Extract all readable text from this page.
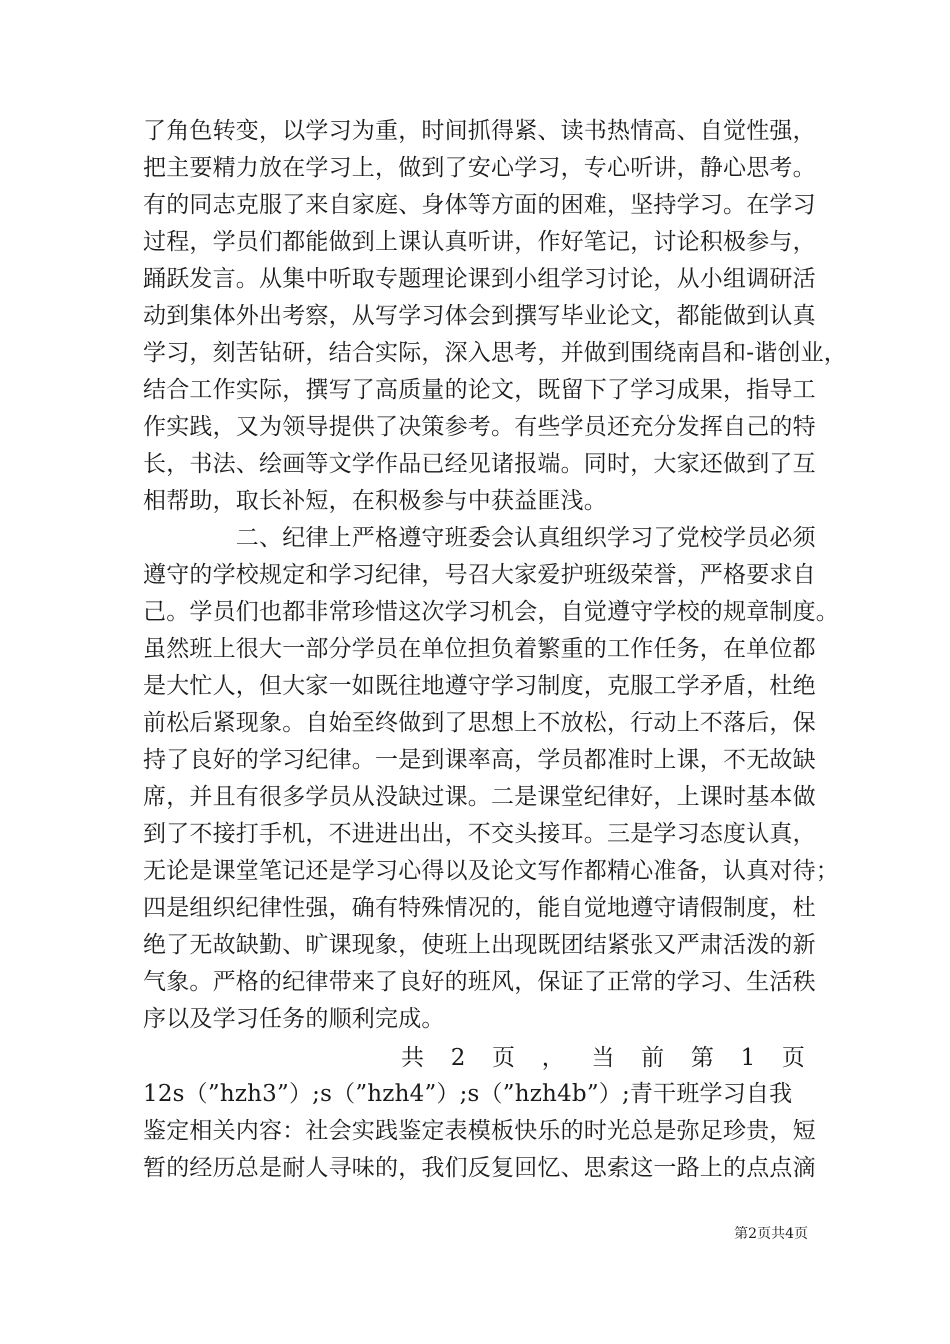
了角色转变，以学习为重，时间抓得紧、读书热情高、自觉性强，
把主要精力放在学习上，做到了安心学习，专心听讲，静心思考。
有的同志克服了来自家庭、身体等方面的困难，坚持学习。在学习
过程，学员们都能做到上课认真听讲，作好笔记，讨论积极参与，
踊跃发言。从集中听取专题理论课到小组学习讨论，从小组调研活
动到集体外出考察，从写学习体会到撰写毕业论文，都能做到认真
学习，刻苦钻研，结合实际，深入思考，并做到围绕南昌和-谐创业，
结合工作实际，撰写了高质量的论文，既留下了学习成果，指导工
作实践，又为领导提供了决策参考。有些学员还充分发挥自己的特
长，书法、绘画等文学作品已经见诸报端。同时，大家还做到了互
相帮助，取长补短，在积极参与中获益匪浅。
　　　　二、纪律上严格遵守班委会认真组织学习了党校学员必须
遵守的学校规定和学习纪律，号召大家爱护班级荣誉，严格要求自
己。学员们也都非常珍惜这次学习机会，自觉遵守学校的规章制度。
虽然班上很大一部分学员在单位担负着繁重的工作任务，在单位都
是大忙人，但大家一如既往地遵守学习制度，克服工学矛盾，杜绝
前松后紧现象。自始至终做到了思想上不放松，行动上不落后，保
持了良好的学习纪律。一是到课率高，学员都准时上课，不无故缺
席，并且有很多学员从没缺过课。二是课堂纪律好，上课时基本做
到了不接打手机，不进进出出，不交头接耳。三是学习态度认真，
无论是课堂笔记还是学习心得以及论文写作都精心准备，认真对待；
四是组织纪律性强，确有特殊情况的，能自觉地遵守请假制度，杜
绝了无故缺勤、旷课现象，使班上出现既团结紧张又严肃活泼的新
气象。严格的纪律带来了良好的班风，保证了正常的学习、生活秩
序以及学习任务的顺利完成。
共 2 页 ， 当 前 第 1 页
12s（”hzh3”）;s（”hzh4”）;s（”hzh4b”）;青干班学习自我
鉴定相关内容：社会实践鉴定表模板快乐的时光总是弥足珍贵，短
暂的经历总是耐人寻味的，我们反复回忆、思索这一路上的点点滴
第2页共4页
